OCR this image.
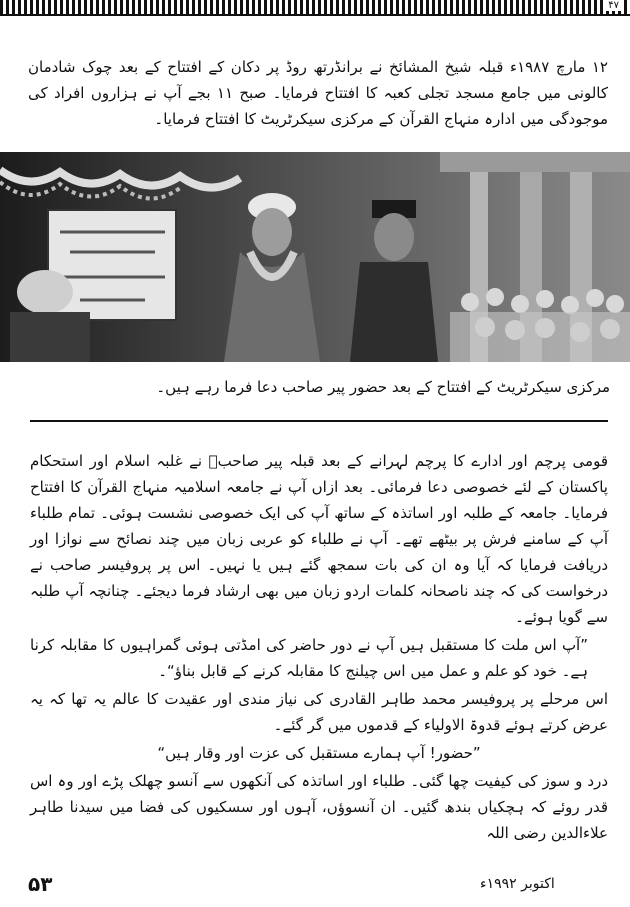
۴۷

۱۲ مارچ ۱۹۸۷ء قبلہ شیخ المشائخ نے برانڈرتھ روڈ پر دکان کے افتتاح کے بعد چوک شادمان کالونی میں جامع مسجد تجلی کعبہ کا افتتاح فرمایا۔ صبح ۱۱ بجے آپ نے ہزاروں افراد کی موجودگی میں ادارہ منہاج القرآن کے مرکزی سیکرٹریٹ کا افتتاح فرمایا۔

مرکزی سیکرٹریٹ کے افتتاح کے بعد حضور پیر صاحب دعا فرما رہے ہیں۔

قومی پرچم اور ادارے کا پرچم لہرانے کے بعد قبلہ پیر صاحبؒ نے غلبہ اسلام اور استحکام پاکستان کے لئے خصوصی دعا فرمائی۔ بعد ازاں آپ نے جامعہ اسلامیہ منہاج القرآن کا افتتاح فرمایا۔ جامعہ کے طلبہ اور اساتذہ کے ساتھ آپ کی ایک خصوصی نشست ہوئی۔ تمام طلباء آپ کے سامنے فرش پر بیٹھے تھے۔ آپ نے طلباء کو عربی زبان میں چند نصائح سے نوازا اور دریافت فرمایا کہ آیا وہ ان کی بات سمجھ گئے ہیں یا نہیں۔ اس پر پروفیسر صاحب نے درخواست کی کہ چند ناصحانہ کلمات اردو زبان میں بھی ارشاد فرما دیجئے۔ چنانچہ آپ طلبہ سے گویا ہوئے۔

”آپ اس ملت کا مستقبل ہیں آپ نے دور حاضر کی امڈتی ہوئی گمراہیوں کا مقابلہ کرنا ہے۔ خود کو علم و عمل میں اس چیلنج کا مقابلہ کرنے کے قابل بناؤ“۔

اس مرحلے پر پروفیسر محمد طاہر القادری کی نیاز مندی اور عقیدت کا عالم یہ تھا کہ یہ عرض کرتے ہوئے قدوۃ الاولیاء کے قدموں میں گر گئے۔

”حضور! آپ ہمارے مستقبل کی عزت اور وقار ہیں“

درد و سوز کی کیفیت چھا گئی۔ طلباء اور اساتذہ کی آنکھوں سے آنسو چھلک پڑے اور وہ اس قدر روئے کہ ہچکیاں بندھ گئیں۔ ان آنسوؤں، آہوں اور سسکیوں کی فضا میں سیدنا طاہر علاءالدین رضی اللہ

۵۳	اکتوبر ۱۹۹۲ء
